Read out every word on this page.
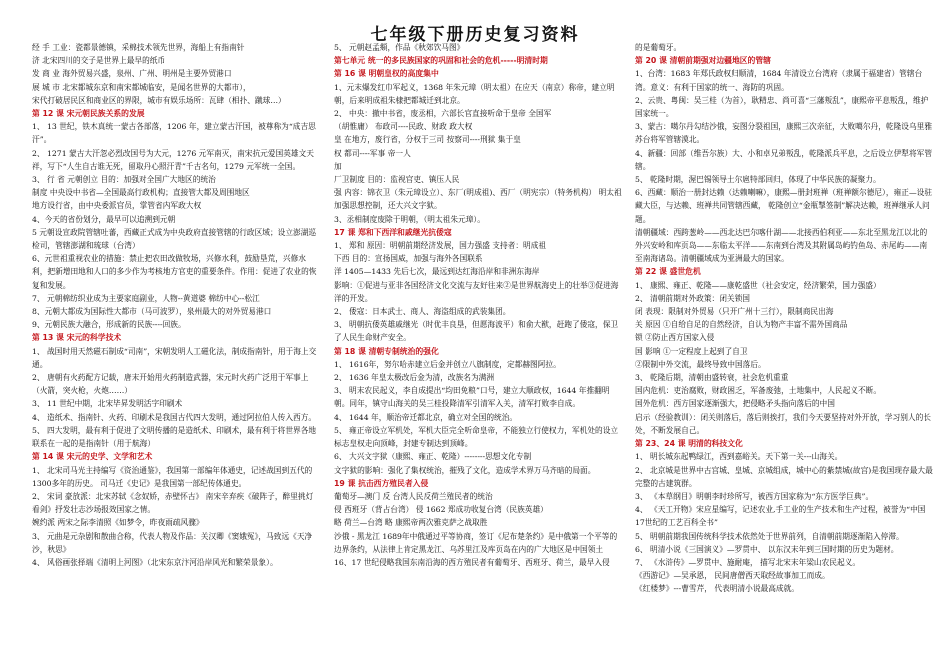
七年级下册历史复习资料
经 手 工业：瓷都景德镇，采棉技术领先世界，海船上有指南针
济 北宋四川的交子是世界上最早的纸币
发 商 业 海外贸易兴盛，泉州、广州、明州是主要外贸港口
展 城 市 北宋都城东京和南宋都城临安，是闻名世界的大都市），
宋代打破居民区和商业区的界限，城市有娱乐场所：瓦肆（相扑、蹴球…）
第 12 课 宋元朝民族关系的发展
1、 13 世纪，铁木真统一蒙古各部落，1206 年，建立蒙古汗国，被尊称为“成吉思汗”。
2、 1271 蒙古大汗忽必烈改国号为大元，1276 元军南灭，南宋抗元爱国英雄文天祥，写下“人生自古谁无死，留取丹心照汗青”千古名句，1279 元军统一全国。
3、 行 省 元朝创立 目的：加强对全国广大地区的统治
制度 中央设中书省—全国最高行政机构；直接管大都及周围地区
地方设行省，由中央委派官员，掌管省内军政大权
4、今天的省份划分，最早可以追溯到元朝
5 元朝设宣政院管辖吐蕃，西藏正式成为中央政府直接管辖的行政区域；设立澎湖巡检司，管辖澎湖和琉球（台湾）
6、元世祖重视农业的措施：禁止把农田改做牧场，兴修水利，鼓励垦荒，兴修水利，把新增田地和人口的多少作为考核地方官吏的重要条件。作用：促进了农业的恢复和发展。
7、 元朝棉纺织业成为主要家庭副业，人物--黄道婆 棉纺中心--松江
8、元朝大都成为国际性大都市（马可波罗），泉州最大的对外贸易港口
9、元朝民族大融合，形成新的民族----回族。
第 13 课 宋元的科学技术
1、 战国时用天然磁石制成“司南”，宋朝发明人工磁化法，制成指南针，用于海上交通。
2、 唐朝有火药配方记载，唐末开始用火药制造武器，宋元时火药广泛用于军事上（火箭，突火枪，火炮……）
3、 11 世纪中期，北宋毕昇发明活字印刷术
4、 造纸术、指南针、火药、印刷术是我国古代四大发明，通过阿拉伯人传入西方。
5、 四大发明，最有利于促进了文明传播的是造纸术、印刷术，最有利于将世界各地联系在一起的是指南针（用于航海）
第 14 课 宋元的史学、文学和艺术
1、 北宋司马光主持编写《资治通鉴》，我国第一部编年体通史，记述战国到五代的1300多年的历史。 司马迁《史记》是我国第一部纪传体通史。
2、 宋词 豪放派：北宋苏轼《念奴娇，赤壁怀古》 南宋辛弃疾《破阵子，醉里挑灯看剑》抒发壮志沙场报效国家之情。
婉约派 两宋之际李清照《如梦令，昨夜雨疏风骤》
3、 元曲是元杂剧和散曲合称，代表人物及作品：关汉卿《窦娥冤》，马致远《天净沙，秋思》
4、 风俗画张择端《清明上河图》（北宋东京汴河沿岸风光和繁荣景象）。
5、 元朝赵孟頫，作品《秋郊饮马图》
第七单元 统一的多民族国家的巩固和社会的危机-----明清时期
第 16 课 明朝皇权的高度集中
1、元末爆发红巾军起义，1368 年朱元璋（明太祖）在应天（南京）称帝，建立明朝，后来明成祖朱棣把都城迁到北京。
2、 中央：撤中书省，废丞相，六部长官直接听命于皇帝 全国军
（胡惟庸） 布政司----民政、财政 政大权
皇 在地方，废行省，分权于三司 按察司----刑狱 集于皇
权 都司----军事 帝一人
加
厂卫制度 目的：监视官吏、镇压人民
强 内容：锦衣卫（朱元璋设立）、东厂(明成祖)、西厂（明宪宗）（特务机构） 明太祖加强思想控制，还大兴文字狱。
3、丞相制度废除于明朝，（明太祖朱元璋）。
17 课 郑和下西洋和戚继光抗倭寇
1、 郑和 原因：明朝前期经济发展，国力强盛 支持者：明成祖
下西 目的：宣扬国威，加强与海外各国联系
洋 1405—1433 先后七次，最远到达红海沿岸和非洲东海岸
影响：①促进与亚非各国经济文化交流与友好往来②是世界航海史上的壮举③促进海洋的开发。
2、 倭寇：日本武士、商人、海盗组成的武装集团。
3、 明朝抗倭英雄戚继光（时优丰良垦，但愿海波平）和俞大猷，赶跑了倭寇，保卫了人民生命财产安全。
第 18 课 清朝专制统治的强化
1、 1616年，努尔哈赤建立后金并创立八旗制度，定都赫图阿拉。
2、 1636 年皇太极改后金为清，改族名为满洲
3、 明末农民起义，李自成提出“均田免粮”口号，建立大顺政权，1644 年推翻明朝。同年，镇守山海关的吴三桂投降清军引清军入关，清军打败李自成。
4、 1644 年，顺治帝迁都北京，确立对全国的统治。
5、 雍正帝设立军机处，军机大臣完全听命皇帝，不能独立行使权力，军机处的设立标志皇权走向顶峰，封建专制达到顶峰。
6、 大兴文字狱（康熙、雍正、乾隆）--------思想文化专制
文字狱的影响：强化了集权统治，摧残了文化，造成学术界万马齐暗的局面。
19 课 抗击西方殖民者入侵
葡萄牙—澳门 反 台湾人民反荷兰殖民者的统治
侵 西班牙（背占台湾） 侵 1662 郑成功收复台湾（民族英雄）
略 荷兰—台湾 略 康熙帝两次雅克萨之战取胜
沙俄 - 黑龙江 1689年中俄通过平等协商，签订《尼布楚条约》是中俄第一个平等的边界条约，从法律上肯定黑龙江、乌苏里江及库页岛在内的广大地区是中国领土
16、17 世纪侵略我国东南沿海的西方殖民者有葡萄牙、西班牙、荷兰，最早入侵
的是葡萄牙。
第 20 课 清朝前期强对边疆地区的管辖
1、台湾：1683 年郑氏政权归顺清，1684 年清设立台湾府（隶属于福建省）管辖台湾。意义：有利于国家的统一、海防的巩固。
2、云贵、粤闽：吴三桂（为首），耿精忠、尚可喜“三藩叛乱”，康熙帝平息叛乱，维护国家统一。
3、蒙古：噶尔丹勾结沙俄，妄图分裂祖国，康熙三次亲征，大败噶尔丹，乾隆设乌里雅苏台将军管辖漠北。
4、新疆：回部（维吾尔族）大、小和卓兄弟叛乱，乾隆派兵平息，之后设立伊犁将军管辖。
5、 乾隆时期，渥巴锡领导土尔扈特部回归，体现了中华民族的凝聚力。
6、西藏：顺治一册封达赖（达赖喇嘛），康熙—册封班禅（班禅额尔德尼），雍正—设驻藏大臣，与达赖、班禅共同管辖西藏， 乾隆创立“金瓶掣签制”解决达赖，班禅继承人问题。
清朝疆域：西跨葱岭——西北达巴尔喀什湖——北接西伯利亚——东北至黑龙江以北的外兴安岭和库页岛——东临太平洋——东南到台湾及其附属岛屿钓鱼岛、赤尾屿——南至南海诸岛。清朝疆域成为亚洲最大的国家。
第 22 课 盛世危机
1、 康熙、雍正、乾隆——康乾盛世（社会安定，经济繁荣，国力强盛）
2、 清朝前期对外政策：闭关锁国
闭 表现：限制对外贸易（只开广州十三行），限制商民出海
关 原因 ①自给自足的自然经济，自认为物产丰富不需外国商品
锁 ②防止西方国家入侵
国 影响 ①一定程度上起到了自卫
②限制中外交流，最终导致中国落后。
3、 乾隆后期，清朝由盛转衰，社会危机重重
国内危机：吏治腐败，财政困乏，军备废弛，土地集中，人民起义不断。
国外危机：西方国家逐渐强大，把侵略矛头指向落后的中国
启示（经验教训）：闭关则落后，落后则挨打，我们今天要坚持对外开放，学习别人的长处，不断发展自己。
第 23、24 课 明清的科技文化
1、 明长城东起鸭绿江，西到嘉峪关。天下第一关---山海关。
2、 北京城是世界中古宫城、皇城、京城组成，城中心的紫禁城(故宫)是我国现存最大最完整的古建筑群。
3、 《本草纲目》明朝李时珍所写，被西方国家称为“东方医学巨典”。
4、 《天工开物》宋应星编写，记述农业,手工业的生产技术和生产过程，被誉为“中国 17世纪的工艺百科全书”
5、 明朝前期我国传统科学技术依然处于世界前列，自清朝前期逐渐陷入停滞。
6、 明清小说《三国演义》—罗贯中、 以东汉末年到三国时期的历史为题材。
7、 《水浒传》—罗贯中、施耐庵， 描写北宋末年梁山农民起义。
《西游记》—吴承恩， 民间唐僧西天取经故事加工而成。
《红楼梦》---曹雪芹， 代表明清小说最高成就。
